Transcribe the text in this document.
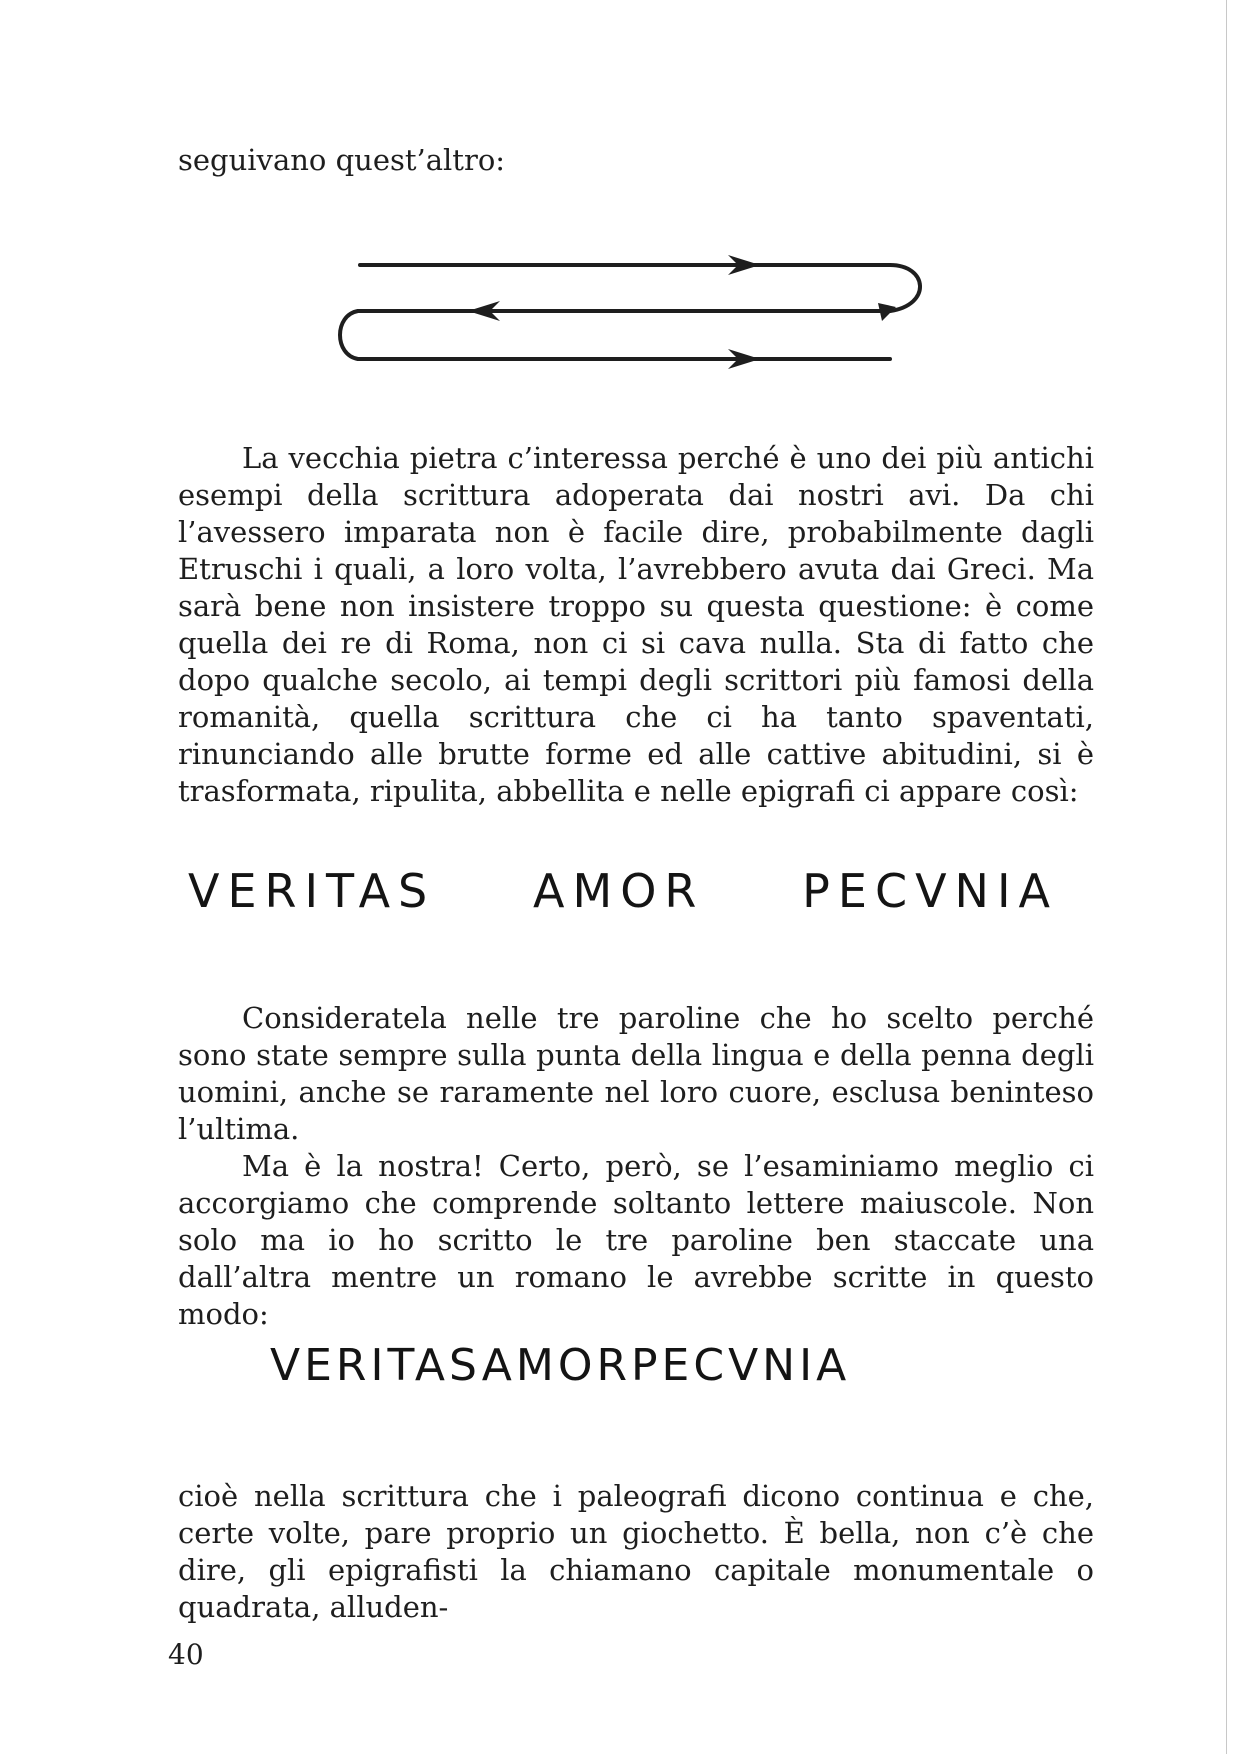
seguivano quest’altro:

La vecchia pietra c’interessa perché è uno dei più antichi esempi della scrittura adoperata dai nostri avi. Da chi l’avessero imparata non è facile dire, probabilmente dagli Etruschi i quali, a loro volta, l’avrebbero avuta dai Greci. Ma sarà bene non insistere troppo su questa questione: è come quella dei re di Roma, non ci si cava nulla. Sta di fatto che dopo qualche secolo, ai tempi degli scrittori più famosi della romanità, quella scrittura che ci ha tanto spaventati, rinunciando alle brutte forme ed alle cattive abitudini, si è trasformata, ripulita, abbellita e nelle epigrafi ci appare così:

VERITAS AMOR PECVNIA

Consideratela nelle tre paroline che ho scelto perché sono state sempre sulla punta della lingua e della penna degli uomini, anche se raramente nel loro cuore, esclusa beninteso l’ultima.

Ma è la nostra! Certo, però, se l’esaminiamo meglio ci accorgiamo che comprende soltanto lettere maiuscole. Non solo ma io ho scritto le tre paroline ben staccate una dall’altra mentre un romano le avrebbe scritte in questo modo:

VERITASAMORPECVNIA

cioè nella scrittura che i paleografi dicono continua e che, certe volte, pare proprio un giochetto. È bella, non c’è che dire, gli epigrafisti la chiamano capitale monumentale o quadrata, alluden-

40
